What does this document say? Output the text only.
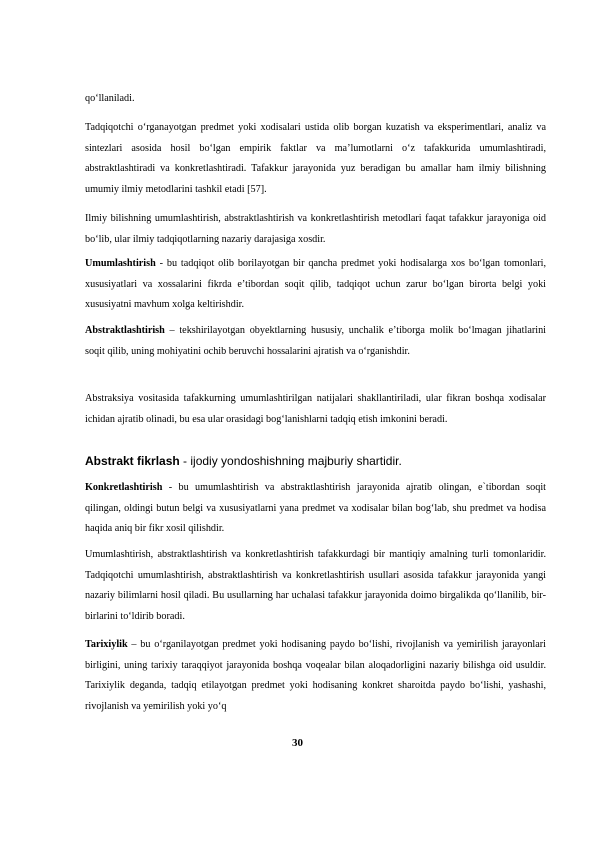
qo‘llaniladi.

Tadqiqotchi o‘rganayotgan predmet yoki xodisalari ustida olib borgan kuzatish va eksperimentlari, analiz va sintezlari asosida hosil bo‘lgan empirik faktlar va ma’lumotlarni o‘z tafakkurida umumlashtiradi, abstraktlashtiradi va konkretlashtiradi. Tafakkur jarayonida yuz beradigan bu amallar ham ilmiy bilishning umumiy ilmiy metodlarini tashkil etadi [57].

Ilmiy bilishning umumlashtirish, abstraktlashtirish va konkretlashtirish metodlari faqat tafakkur jarayoniga oid bo‘lib, ular ilmiy tadqiqotlarning nazariy darajasiga xosdir.

Umumlashtirish - bu tadqiqot olib borilayotgan bir qancha predmet yoki hodisalarga xos bo‘lgan tomonlari, xususiyatlari va xossalarini fikrda e’tibordan soqit qilib, tadqiqot uchun zarur bo‘lgan birorta belgi yoki xususiyatni mavhum xolga keltirishdir.

Abstraktlashtirish – tekshirilayotgan obyektlarning hususiy, unchalik e’tiborga molik bo‘lmagan jihatlarini soqit qilib, uning mohiyatini ochib beruvchi hossalarini ajratish va o‘rganishdir.

Abstraksiya vositasida tafakkurning umumlashtirilgan natijalari shakllantiriladi, ular fikran boshqa xodisalar ichidan ajratib olinadi, bu esa ular orasidagi bog‘lanishlarni tadqiq etish imkonini beradi.

Abstrakt fikrlash - ijodiy yondoshishning majburiy shartidir.

Konkretlashtirish - bu umumlashtirish va abstraktlashtirish jarayonida ajratib olingan, e`tibordan soqit qilingan, oldingi butun belgi va xususiyatlarni yana predmet va xodisalar bilan bog‘lab, shu predmet va hodisa haqida aniq bir fikr xosil qilishdir.

Umumlashtirish, abstraktlashtirish va konkretlashtirish tafakkurdagi bir mantiqiy amalning turli tomonlaridir. Tadqiqotchi umumlashtirish, abstraktlashtirish va konkretlashtirish usullari asosida tafakkur jarayonida yangi nazariy bilimlarni hosil qiladi. Bu usullarning har uchalasi tafakkur jarayonida doimo birgalikda qo‘llanilib, bir-birlarini to‘ldirib boradi.

Tarixiylik – bu o‘rganilayotgan predmet yoki hodisaning paydo bo‘lishi, rivojlanish va yemirilish jarayonlari birligini, uning tarixiy taraqqiyot jarayonida boshqa voqealar bilan aloqadorligini nazariy bilishga oid usuldir. Tarixiylik deganda, tadqiq etilayotgan predmet yoki hodisaning konkret sharoitda paydo bo‘lishi, yashashi, rivojlanish va yemirilish yoki yo‘q

30
